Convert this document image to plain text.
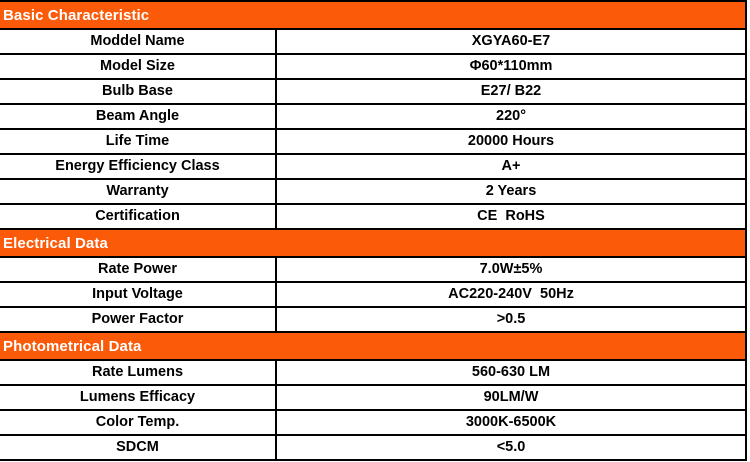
Basic Characteristic
Moddel Name	XGYA60-E7
Model Size	Φ60*110mm
Bulb Base	E27/ B22
Beam Angle	220°
Life Time	20000 Hours
Energy Efficiency Class	A+
Warranty	2 Years
Certification	CE  RoHS
Electrical Data
Rate Power	7.0W±5%
Input Voltage	AC220-240V  50Hz
Power Factor	>0.5
Photometrical Data
Rate Lumens	560-630 LM
Lumens Efficacy	90LM/W
Color Temp.	3000K-6500K
SDCM	<5.0
